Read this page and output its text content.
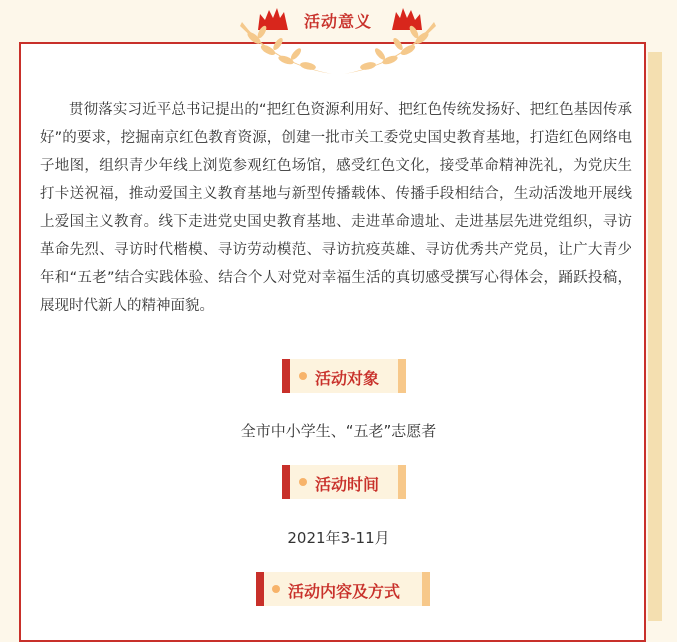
活动意义

贯彻落实习近平总书记提出的“把红色资源利用好、把红色传统发扬好、把红色基因传承好”的要求，挖掘南京红色教育资源，创建一批市关工委党史国史教育基地，打造红色网络电子地图，组织青少年线上浏览参观红色场馆，感受红色文化，接受革命精神洗礼，为党庆生打卡送祝福，推动爱国主义教育基地与新型传播载体、传播手段相结合，生动活泼地开展线上爱国主义教育。线下走进党史国史教育基地、走进革命遗址、走进基层先进党组织，寻访革命先烈、寻访时代楷模、寻访劳动模范、寻访抗疫英雄、寻访优秀共产党员，让广大青少年和“五老”结合实践体验、结合个人对党对幸福生活的真切感受撰写心得体会，踊跃投稿，展现时代新人的精神面貌。

活动对象
全市中小学生、“五老”志愿者
活动时间
2021年3-11月
活动内容及方式
